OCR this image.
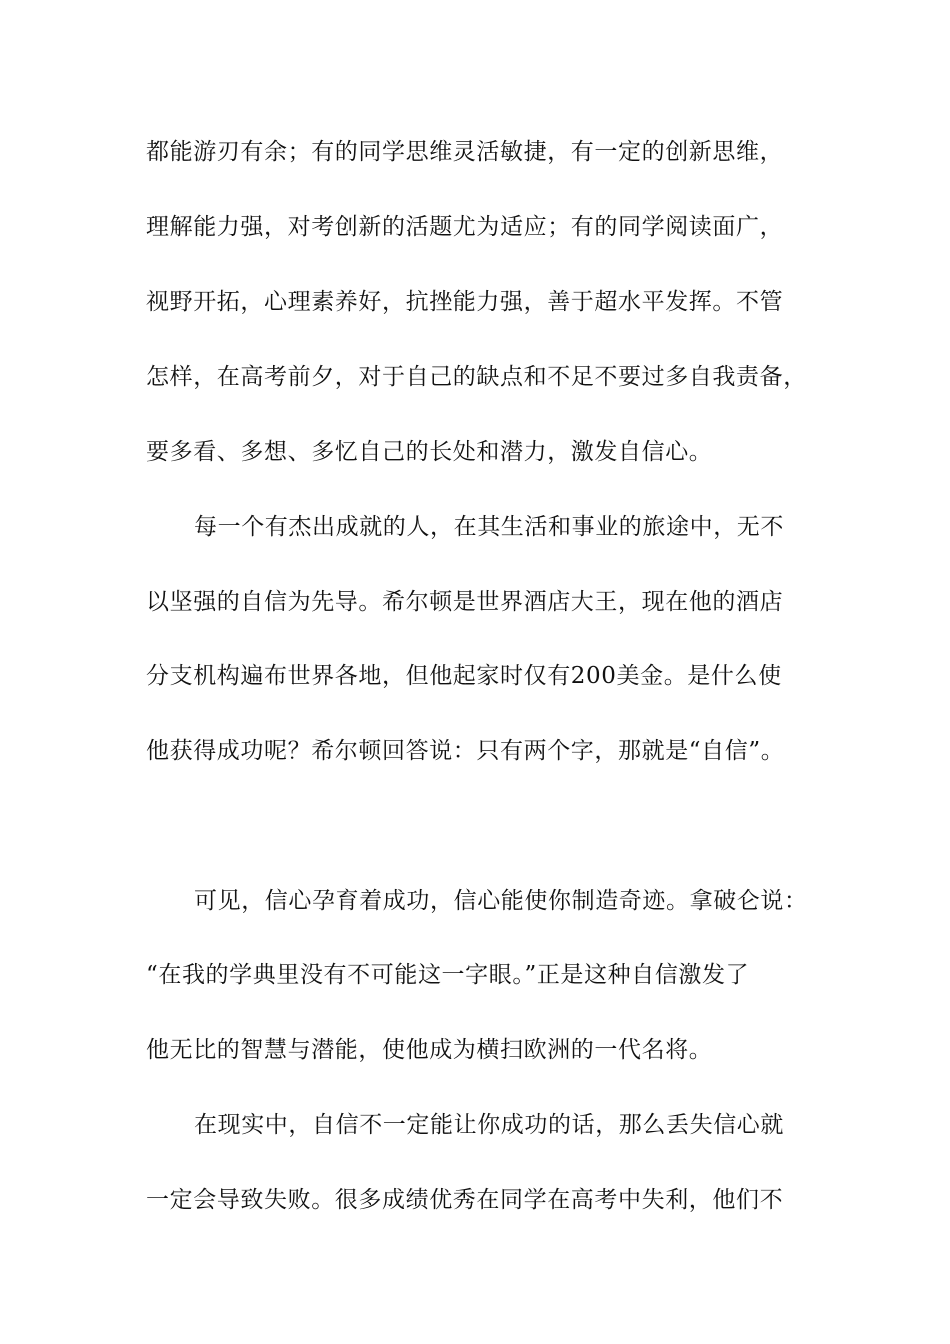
都能游刃有余；有的同学思维灵活敏捷，有一定的创新思维，
理解能力强，对考创新的活题尤为适应；有的同学阅读面广，
视野开拓，心理素养好，抗挫能力强，善于超水平发挥。不管
怎样，在高考前夕，对于自己的缺点和不足不要过多自我责备，
要多看、多想、多忆自己的长处和潜力，激发自信心。
每一个有杰出成就的人，在其生活和事业的旅途中，无不
以坚强的自信为先导。希尔顿是世界酒店大王，现在他的酒店
分支机构遍布世界各地，但他起家时仅有200美金。是什么使
他获得成功呢？希尔顿回答说：只有两个字，那就是“自信”。
可见，信心孕育着成功，信心能使你制造奇迹。拿破仑说：
“在我的学典里没有不可能这一字眼。”正是这种自信激发了
他无比的智慧与潜能，使他成为横扫欧洲的一代名将。
在现实中，自信不一定能让你成功的话，那么丢失信心就
一定会导致失败。很多成绩优秀在同学在高考中失利，他们不
